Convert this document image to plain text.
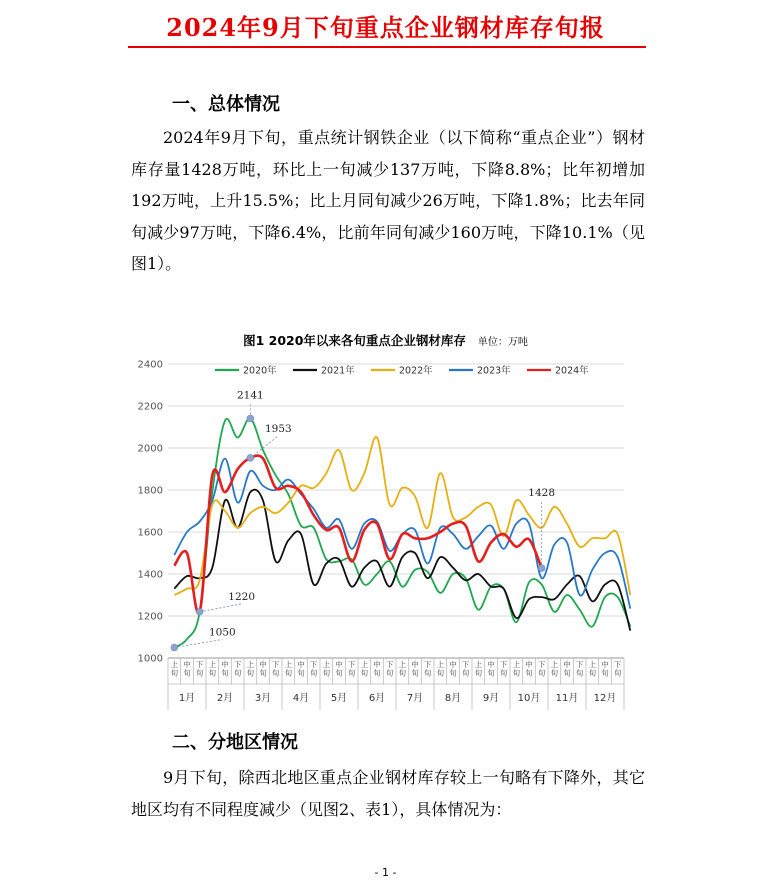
2024年9月下旬重点企业钢材库存旬报
一、总体情况
2024年9月下旬，重点统计钢铁企业（以下简称“重点企业”）钢材库存量1428万吨，环比上一旬减少137万吨，下降8.8%；比年初增加192万吨，上升15.5%；比上月同旬减少26万吨，下降1.8%；比去年同旬减少97万吨，下降6.4%，比前年同旬减少160万吨，下降10.1%（见图1）。
图1 2020年以来各旬重点企业钢材库存 单位：万吨
1000
1200
1400
1600
1800
2000
2200
2400
上
旬
中
旬
下
旬
上
旬
中
旬
下
旬
上
旬
中
旬
下
旬
上
旬
中
旬
下
旬
上
旬
中
旬
下
旬
上
旬
中
旬
下
旬
上
旬
中
旬
下
旬
上
旬
中
旬
下
旬
上
旬
中
旬
下
旬
上
旬
中
旬
下
旬
上
旬
中
旬
下
旬
上
旬
中
旬
下
旬
1月 2月 3月 4月 5月 6月 7月 8月 9月 10月 11月 12月
2020年	2021年	2022年	2023年	2024年
2141
1953
1428
1220
1050
二、分地区情况
9月下旬，除西北地区重点企业钢材库存较上一旬略有下降外，其它地区均有不同程度减少（见图2、表1），具体情况为：
- 1 -
